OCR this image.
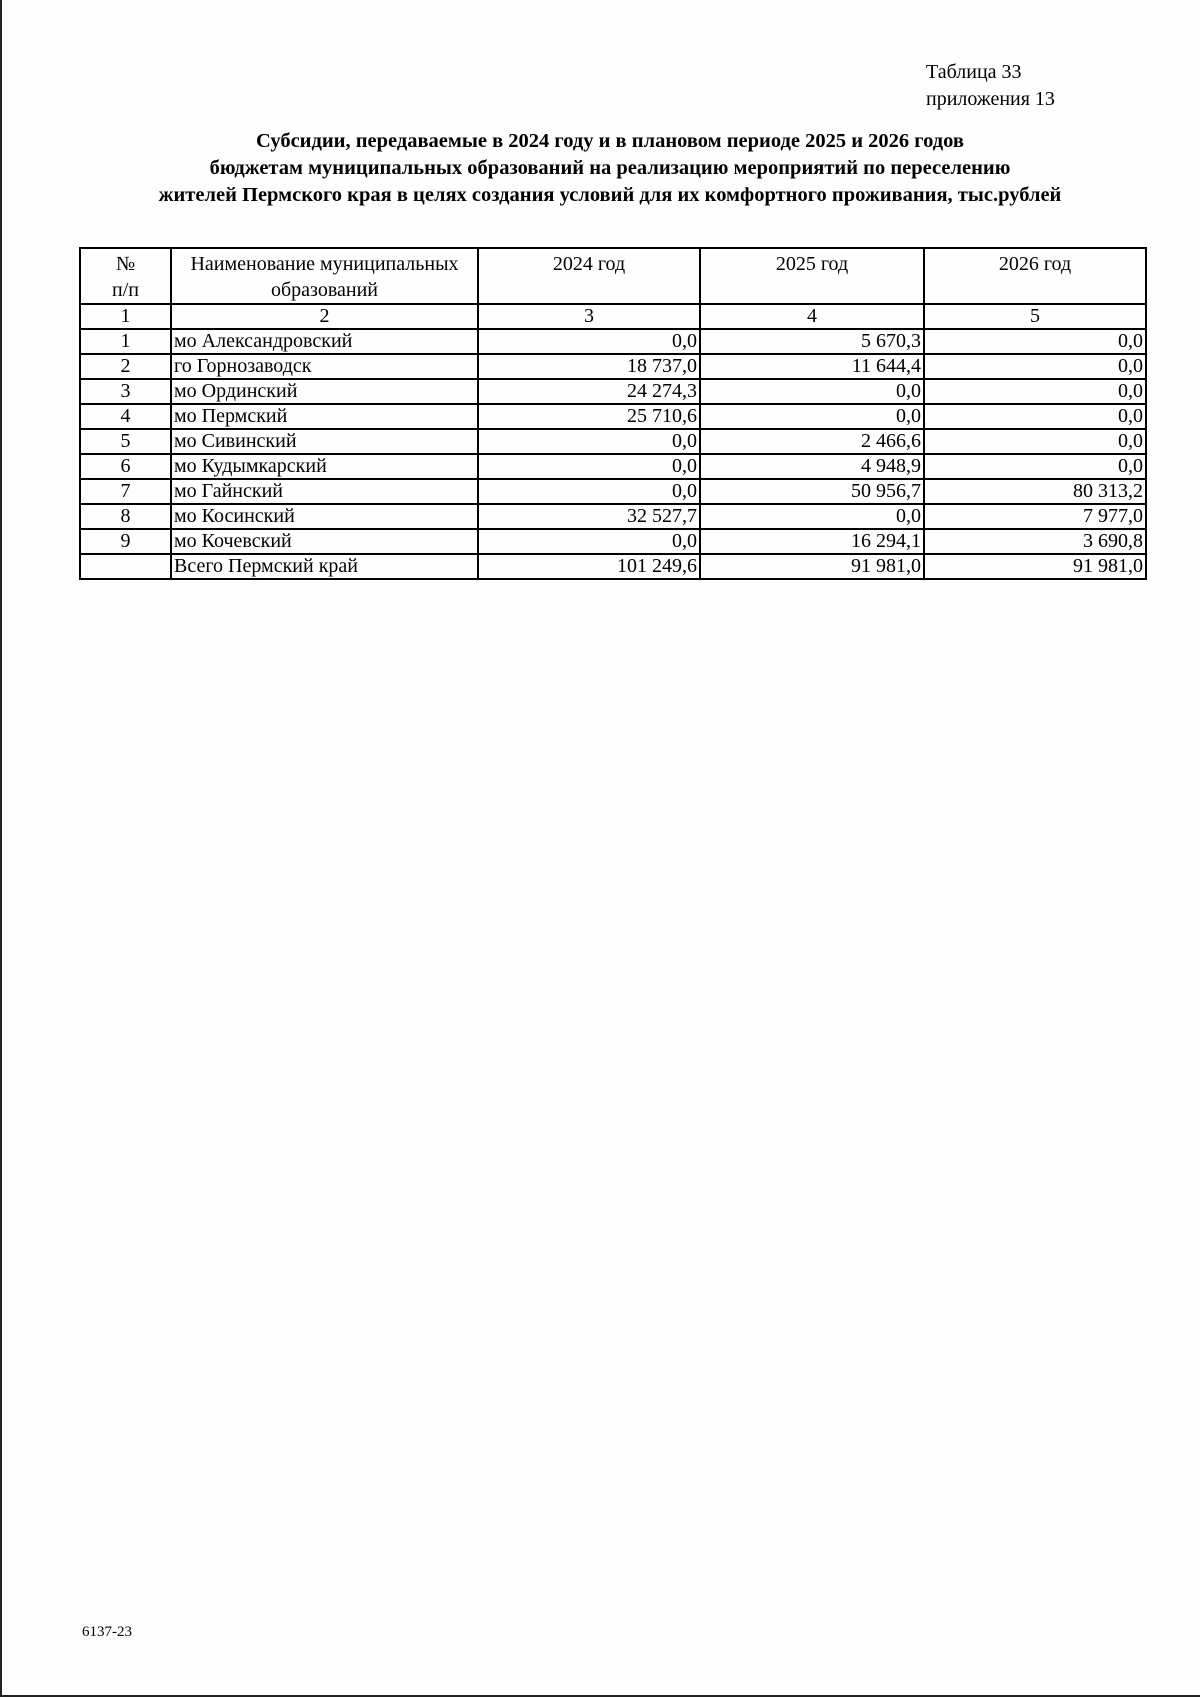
Таблица 33
приложения 13
Субсидии, передаваемые в 2024 году и в плановом периоде 2025 и 2026 годов
бюджетам муниципальных образований на реализацию мероприятий по переселению
жителей Пермского края в целях создания условий для их комфортного проживания, тыс.рублей
№
п/п	Наименование муниципальных образований	2024 год	2025 год	2026 год
1	2	3	4	5
1	мо Александровский	0,0	5 670,3	0,0
2	го Горнозаводск	18 737,0	11 644,4	0,0
3	мо Ординский	24 274,3	0,0	0,0
4	мо Пермский	25 710,6	0,0	0,0
5	мо Сивинский	0,0	2 466,6	0,0
6	мо Кудымкарский	0,0	4 948,9	0,0
7	мо Гайнский	0,0	50 956,7	80 313,2
8	мо Косинский	32 527,7	0,0	7 977,0
9	мо Кочевский	0,0	16 294,1	3 690,8
	Всего Пермский край	101 249,6	91 981,0	91 981,0
6137-23
